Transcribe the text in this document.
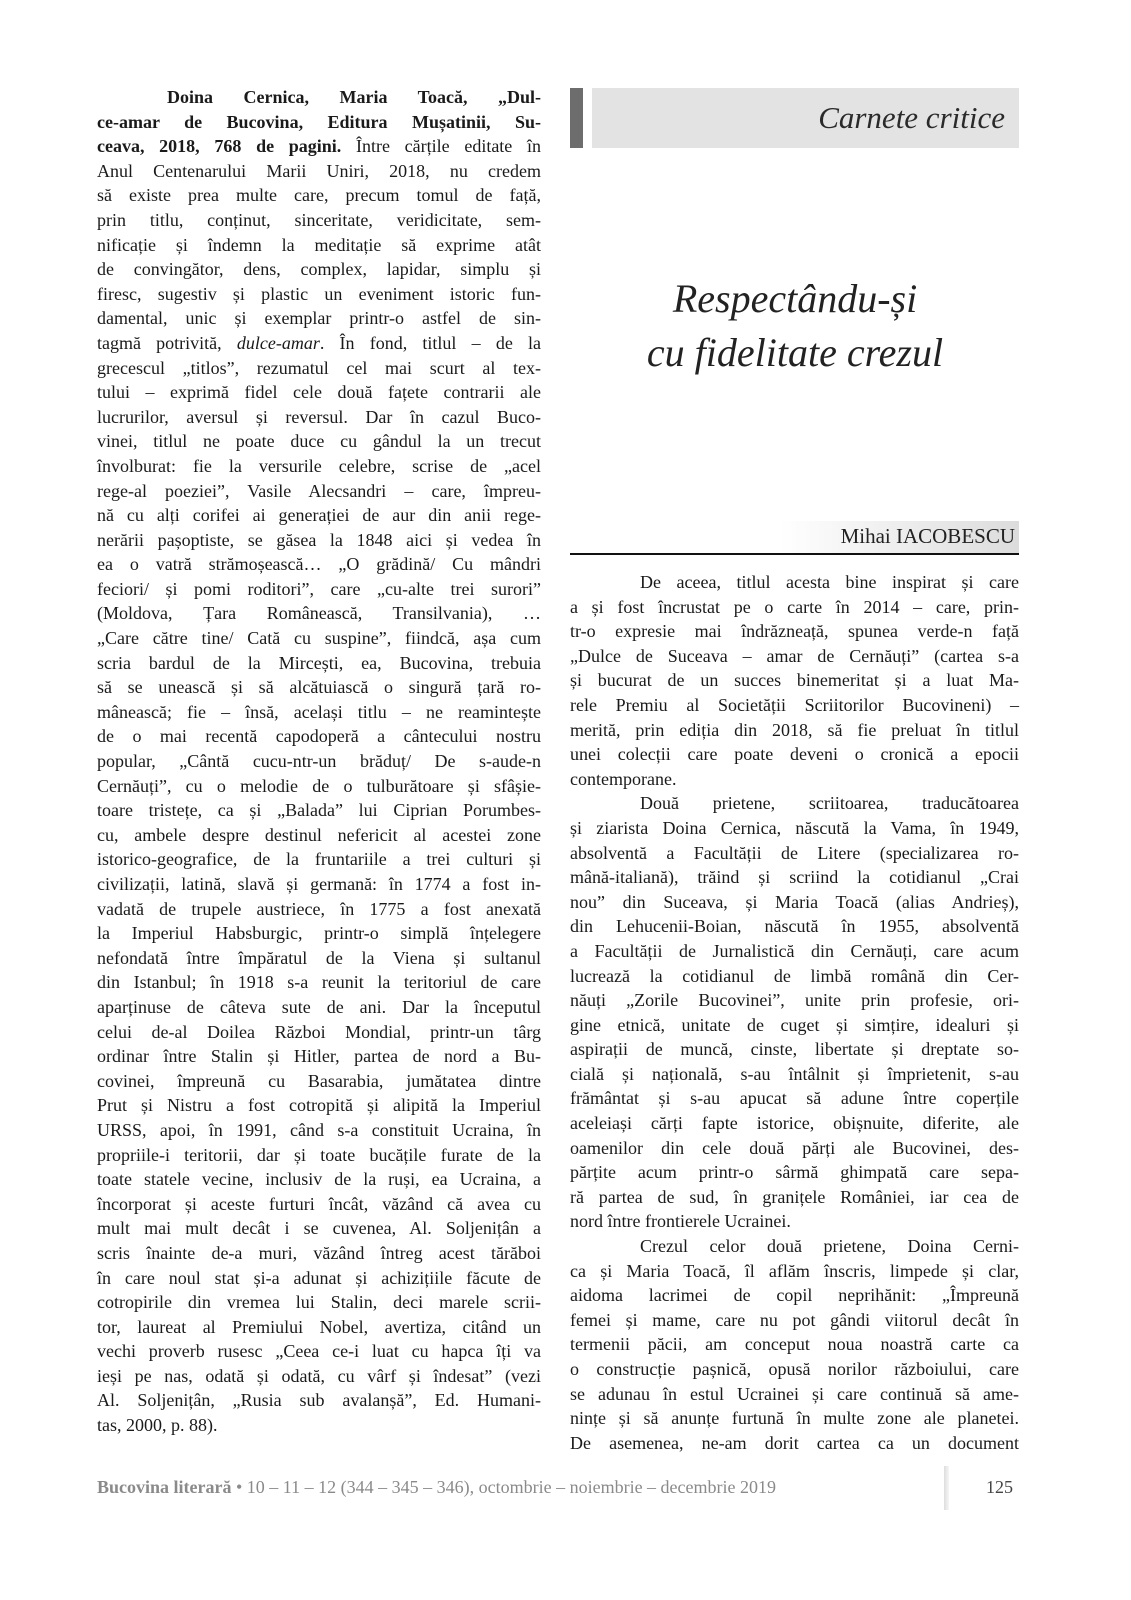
Carnete critice
Respectându-și
cu fidelitate crezul
Mihai IACOBESCU
Doina Cernica, Maria Toacă, „Dul-
ce-amar de Bucovina, Editura Mușatinii, Su-
ceava, 2018, 768 de pagini. Între cărțile editate în
Anul Centenarului Marii Uniri, 2018, nu credem
să existe prea multe care, precum tomul de față,
prin titlu, conținut, sinceritate, veridicitate, sem-
nificație și îndemn la meditație să exprime atât
de convingător, dens, complex, lapidar, simplu și
firesc, sugestiv și plastic un eveniment istoric fun-
damental, unic și exemplar printr-o astfel de sin-
tagmă potrivită, dulce-amar. În fond, titlul – de la
grecescul „titlos”, rezumatul cel mai scurt al tex-
tului – exprimă fidel cele două fațete contrarii ale
lucrurilor, aversul și reversul. Dar în cazul Buco-
vinei, titlul ne poate duce cu gândul la un trecut
învolburat: fie la versurile celebre, scrise de „acel
rege-al poeziei”, Vasile Alecsandri – care, împreu-
nă cu alți corifei ai generației de aur din anii rege-
nerării pașoptiste, se găsea la 1848 aici și vedea în
ea o vatră strămoșească… „O grădină/ Cu mândri
feciori/ și pomi roditori”, care „cu-alte trei surori”
(Moldova, Țara Românească, Transilvania), …
„Care către tine/ Cată cu suspine”, fiindcă, așa cum
scria bardul de la Mircești, ea, Bucovina, trebuia
să se unească și să alcătuiască o singură țară ro-
mânească; fie – însă, același titlu – ne reamintește
de o mai recentă capodoperă a cântecului nostru
popular, „Cântă cucu-ntr-un brăduț/ De s-aude-n
Cernăuți”, cu o melodie de o tulburătoare și sfâșie-
toare tristețe, ca și „Balada” lui Ciprian Porumbes-
cu, ambele despre destinul nefericit al acestei zone
istorico-geografice, de la fruntariile a trei culturi și
civilizații, latină, slavă și germană: în 1774 a fost in-
vadată de trupele austriece, în 1775 a fost anexată
la Imperiul Habsburgic, printr-o simplă înțelegere
nefondată între împăratul de la Viena și sultanul
din Istanbul; în 1918 s-a reunit la teritoriul de care
aparținuse de câteva sute de ani. Dar la începutul
celui de-al Doilea Război Mondial, printr-un târg
ordinar între Stalin și Hitler, partea de nord a Bu-
covinei, împreună cu Basarabia, jumătatea dintre
Prut și Nistru a fost cotropită și alipită la Imperiul
URSS, apoi, în 1991, când s-a constituit Ucraina, în
propriile-i teritorii, dar și toate bucățile furate de la
toate statele vecine, inclusiv de la ruși, ea Ucraina, a
încorporat și aceste furturi încât, văzând că avea cu
mult mai mult decât i se cuvenea, Al. Soljenițân a
scris înainte de-a muri, văzând întreg acest tărăboi
în care noul stat și-a adunat și achizițiile făcute de
cotropirile din vremea lui Stalin, deci marele scrii-
tor, laureat al Premiului Nobel, avertiza, citând un
vechi proverb rusesc „Ceea ce-i luat cu hapca îți va
ieși pe nas, odată și odată, cu vârf și îndesat” (vezi
Al. Soljenițân, „Rusia sub avalanșă”, Ed. Humani-
tas, 2000, p. 88).
De aceea, titlul acesta bine inspirat și care
a și fost încrustat pe o carte în 2014 – care, prin-
tr-o expresie mai îndrăzneață, spunea verde-n față
„Dulce de Suceava – amar de Cernăuți” (cartea s-a
și bucurat de un succes binemeritat și a luat Ma-
rele Premiu al Societății Scriitorilor Bucovineni) –
merită, prin ediția din 2018, să fie preluat în titlul
unei colecții care poate deveni o cronică a epocii
contemporane.
Două prietene, scriitoarea, traducătoarea
și ziarista Doina Cernica, născută la Vama, în 1949,
absolventă a Facultății de Litere (specializarea ro-
mână-italiană), trăind și scriind la cotidianul „Crai
nou” din Suceava, și Maria Toacă (alias Andrieș),
din Lehucenii-Boian, născută în 1955, absolventă
a Facultății de Jurnalistică din Cernăuți, care acum
lucrează la cotidianul de limbă română din Cer-
năuți „Zorile Bucovinei”, unite prin profesie, ori-
gine etnică, unitate de cuget și simțire, idealuri și
aspirații de muncă, cinste, libertate și dreptate so-
cială și națională, s-au întâlnit și împrietenit, s-au
frământat și s-au apucat să adune între coperțile
aceleiași cărți fapte istorice, obișnuite, diferite, ale
oamenilor din cele două părți ale Bucovinei, des-
părțite acum printr-o sârmă ghimpată care sepa-
ră partea de sud, în granițele României, iar cea de
nord între frontierele Ucrainei.
Crezul celor două prietene, Doina Cerni-
ca și Maria Toacă, îl aflăm înscris, limpede și clar,
aidoma lacrimei de copil neprihănit: „Împreună
femei și mame, care nu pot gândi viitorul decât în
termenii păcii, am conceput noua noastră carte ca
o construcție pașnică, opusă norilor războiului, care
se adunau în estul Ucrainei și care continuă să ame-
nințe și să anunțe furtună în multe zone ale planetei.
De asemenea, ne-am dorit cartea ca un document
Bucovina literară • 10 – 11 – 12 (344 – 345 – 346), octombrie – noiembrie – decembrie 2019	125
